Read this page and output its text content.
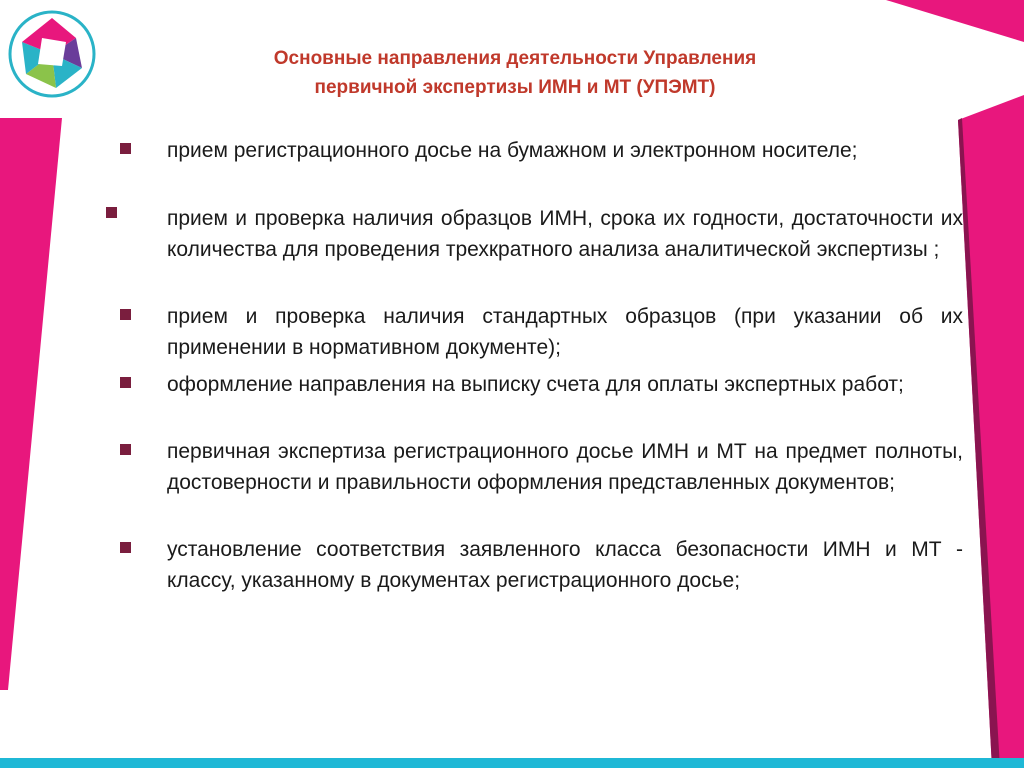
Основные направления деятельности Управления
первичной экспертизы ИМН и МТ (УПЭМТ)
прием регистрационного досье на бумажном и электронном носителе;
прием и проверка наличия образцов ИМН, срока их годности, достаточности их количества для проведения трехкратного анализа аналитической экспертизы ;
прием и проверка наличия стандартных образцов (при указании об их применении в нормативном документе);
оформление направления на выписку счета для оплаты экспертных работ;
первичная экспертиза регистрационного досье ИМН и МТ на предмет полноты, достоверности и правильности оформления представленных документов;
установление соответствия заявленного класса безопасности ИМН и МТ - классу, указанному в документах регистрационного досье;
